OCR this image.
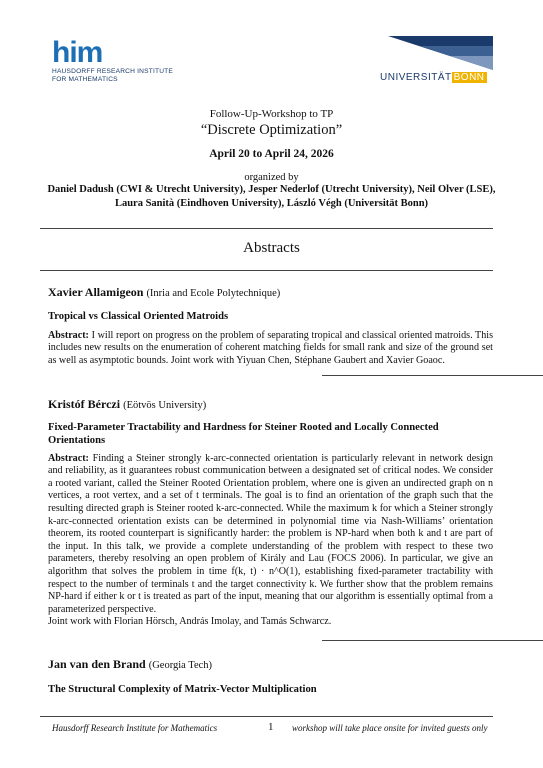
him
HAUSDORFF RESEARCH INSTITUTE
FOR MATHEMATICS	UNIVERSITÄT BONN
Follow-Up-Workshop to TP
“Discrete Optimization”
April 20 to April 24, 2026
organized by
Daniel Dadush (CWI & Utrecht University), Jesper Nederlof (Utrecht University), Neil Olver (LSE), Laura Sanità (Eindhoven University), László Végh (Universität Bonn)
Abstracts
Xavier Allamigeon (Inria and Ecole Polytechnique)
Tropical vs Classical Oriented Matroids
Abstract: I will report on progress on the problem of separating tropical and classical oriented matroids. This includes new results on the enumeration of coherent matching fields for small rank and size of the ground set as well as asymptotic bounds. Joint work with Yiyuan Chen, Stéphane Gaubert and Xavier Goaoc.
Kristóf Bérczi (Eötvös University)
Fixed-Parameter Tractability and Hardness for Steiner Rooted and Locally Connected Orientations
Abstract: Finding a Steiner strongly k-arc-connected orientation is particularly relevant in network design and reliability, as it guarantees robust communication between a designated set of critical nodes. We consider a rooted variant, called the Steiner Rooted Orientation problem, where one is given an undirected graph on n vertices, a root vertex, and a set of t terminals. The goal is to find an orientation of the graph such that the resulting directed graph is Steiner rooted k-arc-connected. While the maximum k for which a Steiner strongly k-arc-connected orientation exists can be determined in polynomial time via Nash-Williams’ orientation theorem, its rooted counterpart is significantly harder: the problem is NP-hard when both k and t are part of the input. In this talk, we provide a complete understanding of the problem with respect to these two parameters, thereby resolving an open problem of Király and Lau (FOCS 2006). In particular, we give an algorithm that solves the problem in time f(k, t) · n^O(1), establishing fixed-parameter tractability with respect to the number of terminals t and the target connectivity k. We further show that the problem remains NP-hard if either k or t is treated as part of the input, meaning that our algorithm is essentially optimal from a parameterized perspective.
Joint work with Florian Hörsch, András Imolay, and Tamás Schwarcz.
Jan van den Brand (Georgia Tech)
The Structural Complexity of Matrix-Vector Multiplication
Hausdorff Research Institute for Mathematics	1 workshop will take place onsite for invited guests only
